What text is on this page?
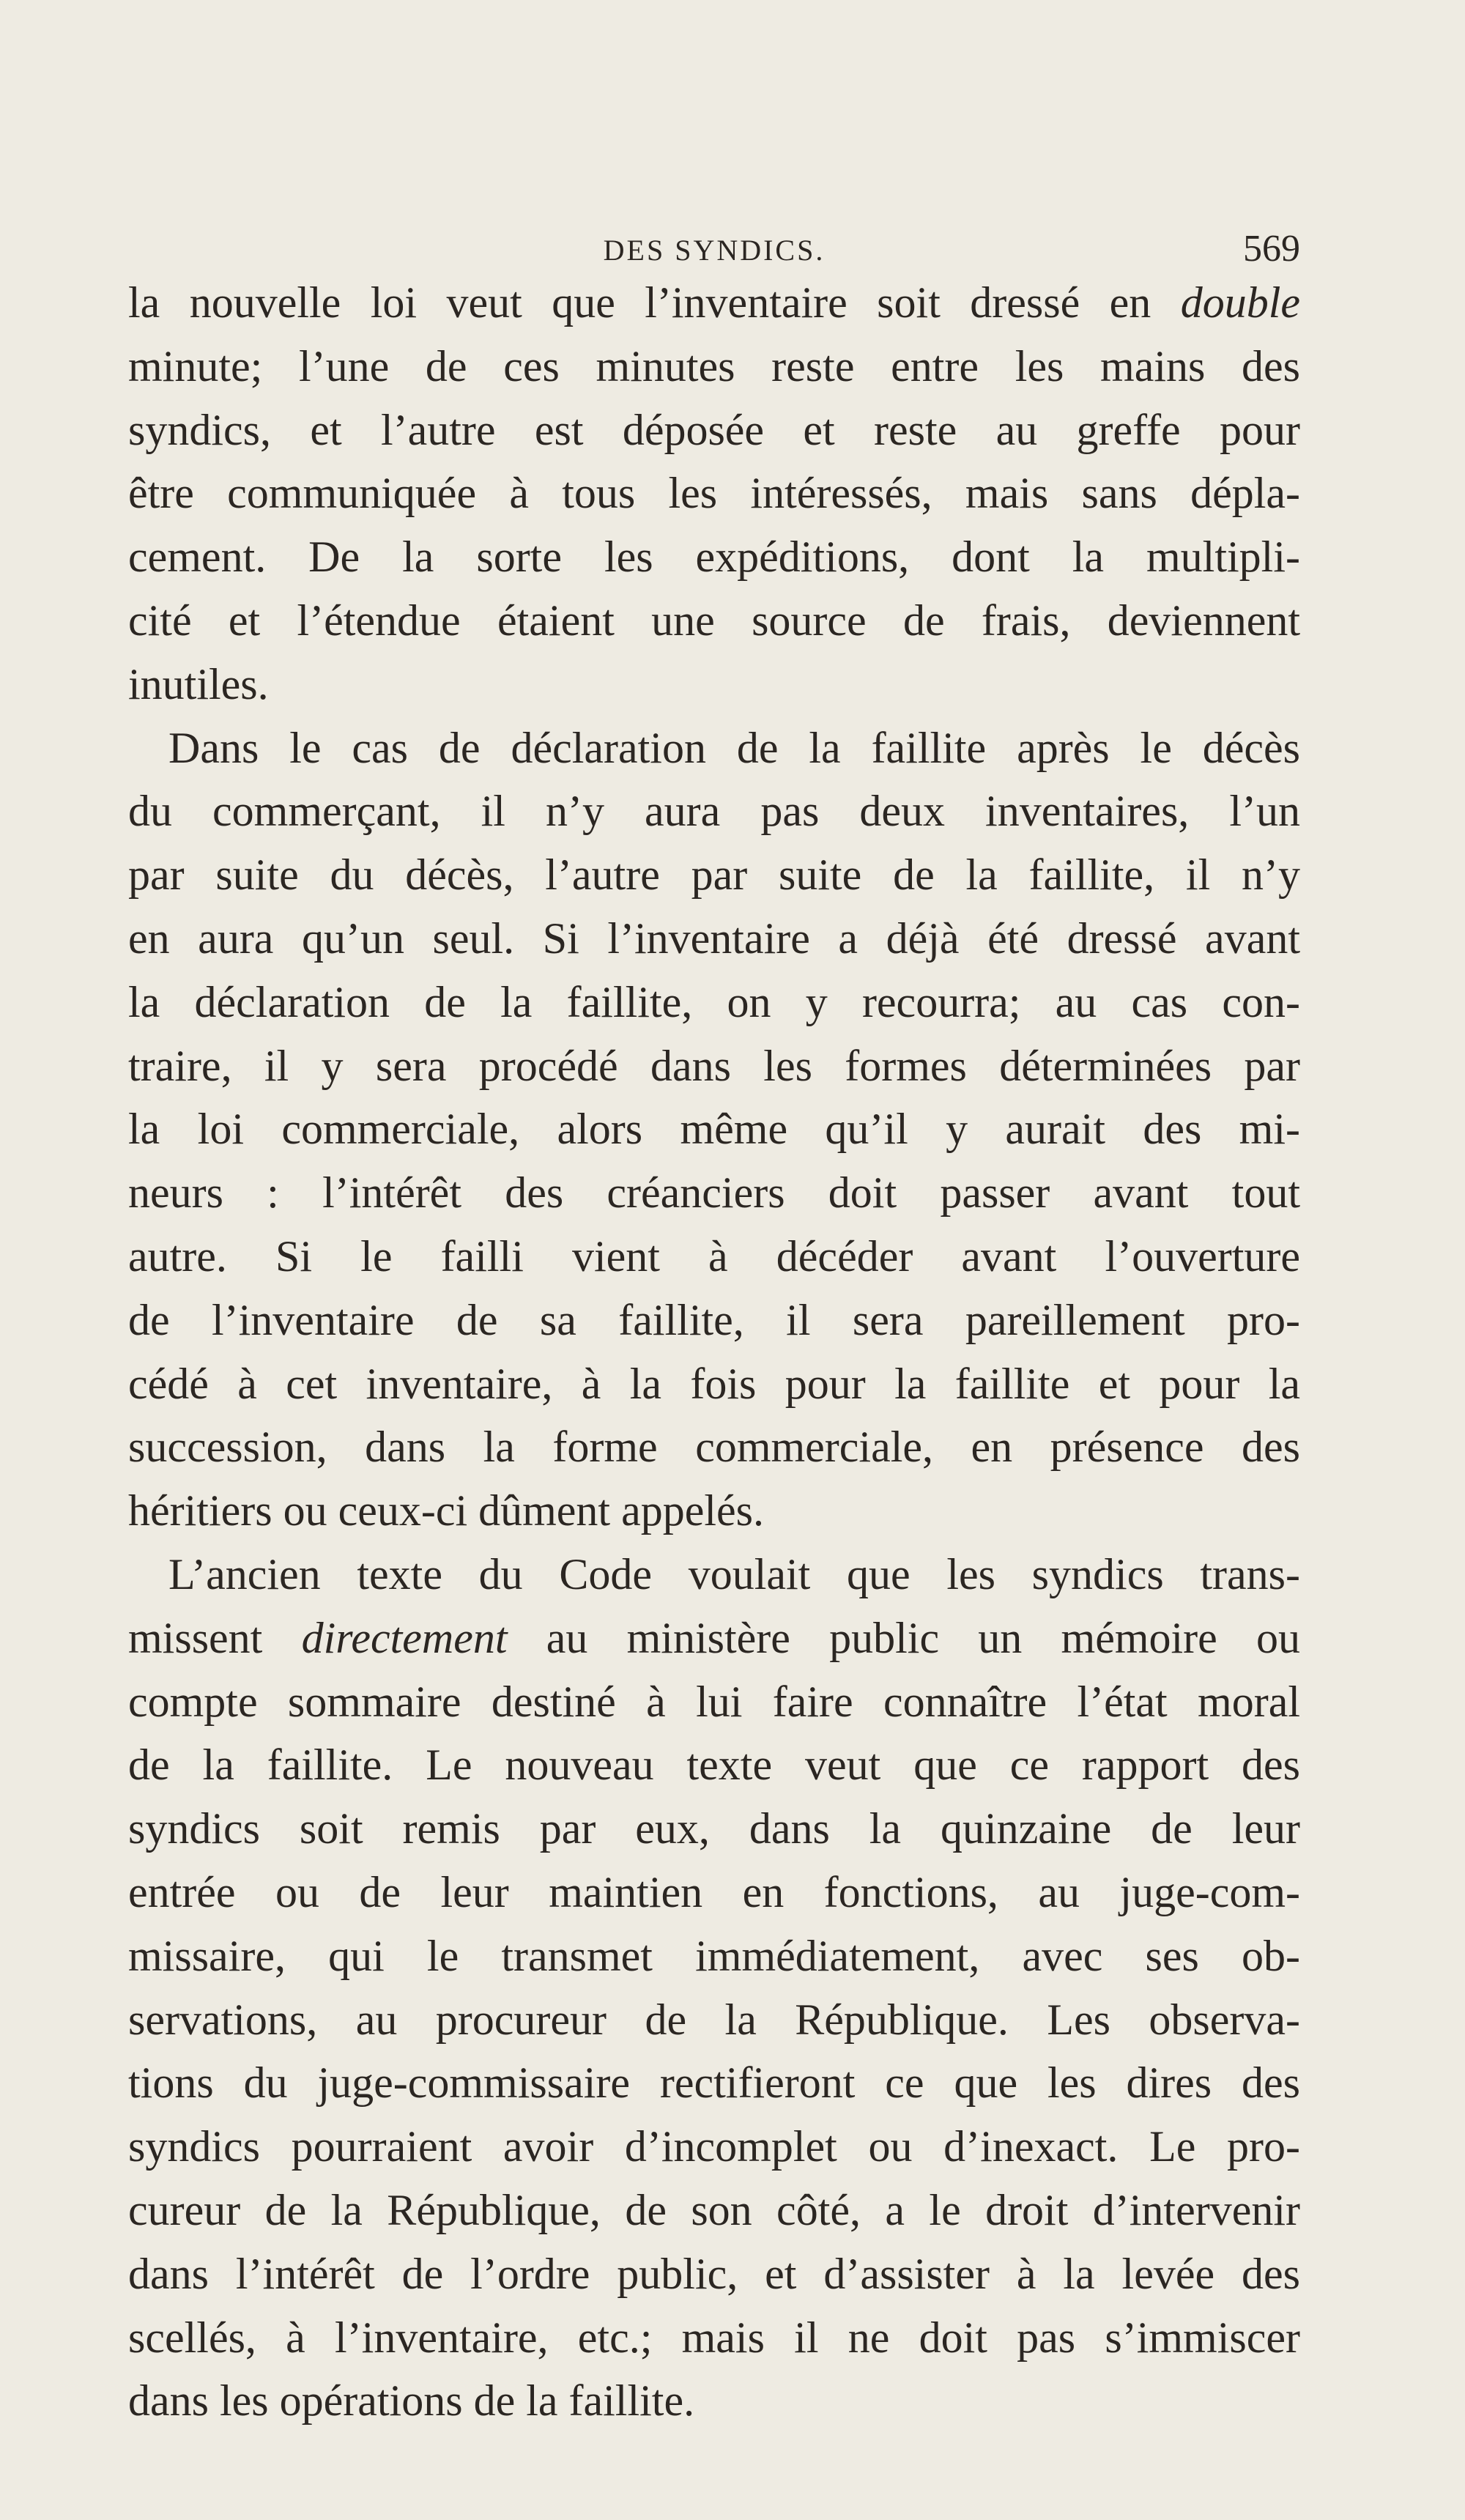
DES SYNDICS.	569
la nouvelle loi veut que l’inventaire soit dressé en double
minute; l’une de ces minutes reste entre les mains des
syndics, et l’autre est déposée et reste au greffe pour
être communiquée à tous les intéressés, mais sans dépla-
cement. De la sorte les expéditions, dont la multipli-
cité et l’étendue étaient une source de frais, deviennent
inutiles.
Dans le cas de déclaration de la faillite après le décès
du commerçant, il n’y aura pas deux inventaires, l’un
par suite du décès, l’autre par suite de la faillite, il n’y
en aura qu’un seul. Si l’inventaire a déjà été dressé avant
la déclaration de la faillite, on y recourra; au cas con-
traire, il y sera procédé dans les formes déterminées par
la loi commerciale, alors même qu’il y aurait des mi-
neurs : l’intérêt des créanciers doit passer avant tout
autre. Si le failli vient à décéder avant l’ouverture
de l’inventaire de sa faillite, il sera pareillement pro-
cédé à cet inventaire, à la fois pour la faillite et pour la
succession, dans la forme commerciale, en présence des
héritiers ou ceux-ci dûment appelés.
L’ancien texte du Code voulait que les syndics trans-
missent directement au ministère public un mémoire ou
compte sommaire destiné à lui faire connaître l’état moral
de la faillite. Le nouveau texte veut que ce rapport des
syndics soit remis par eux, dans la quinzaine de leur
entrée ou de leur maintien en fonctions, au juge-com-
missaire, qui le transmet immédiatement, avec ses ob-
servations, au procureur de la République. Les observa-
tions du juge-commissaire rectifieront ce que les dires des
syndics pourraient avoir d’incomplet ou d’inexact. Le pro-
cureur de la République, de son côté, a le droit d’intervenir
dans l’intérêt de l’ordre public, et d’assister à la levée des
scellés, à l’inventaire, etc.; mais il ne doit pas s’immiscer
dans les opérations de la faillite.
